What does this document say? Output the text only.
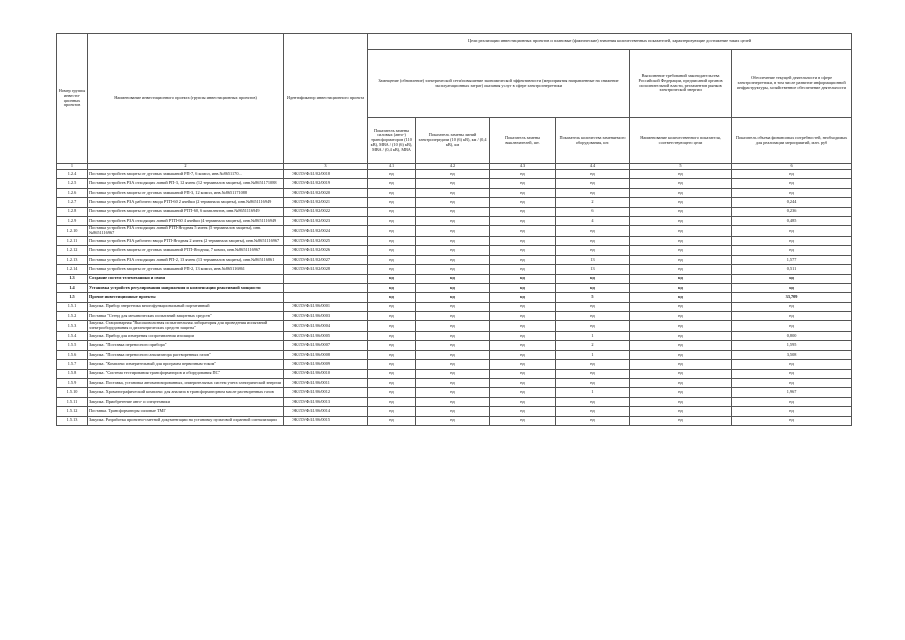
Номер группы инвести-ционных проектов	Наименование инвестиционного проекта (группы инвестиционных проектов)	Идентификатор инвестиционного проекта	Цели реализации инвестиционных проектов и плановые (фактические) значения количественных показателей, характеризующие достижение таких целей					
			Замещение (обновление) электрической сети/повышение экономической эффективности (мероприятия направленные на снижение эксплуатационных затрат) оказания услуг в сфере электроэнергетики				Выполнение требований законодательства Российской Федерации, предписаний органов исполнительной власти, регламентов рынков электрической энергии	Обеспечение текущей деятельности в сфере электроэнергетики, в том числе развитие информационной инфраструктуры, хозяйственное обеспечение деятельности
			Показатель замены силовых (авто-) трансформаторов (110 кВ), МВА / (10 (6) кВ), МВА / (0,4 кВ), МВА	Показатель замены линий электропередачи (10 (6) кВ), км / (0,4 кВ), км	Показатель замены выключателей, шт.	Показатель количества заменяемого оборудования, шт.	Наименование количественного показателя, соответствующего цели	Показатель объема финансовых потребностей, необходимых для реализации мероприятий, млн. руб
1	2	3	4.1	4.2	4.3	4.4	5	6
1.2.4	Поставка устройств защиты от дуговых замыканий РП-7, 6 компл, инв.№8651170...	ЭК/ЛЭ/Ф/41/02/0018	нд	нд	нд	нд	нд	нд
1.2.5	Поставка устройств РЗА отходящих линий РП-3, 12 ячеек (12 терминалов защиты), инв.№8651171088	ЭК/ЛЭ/Ф/41/02/0019	нд	нд	нд	нд	нд	нд
1.2.6	Поставка устройств защиты от дуговых замыканий РП-3, 12 компл, инв.№8651171088	ЭК/ЛЭ/Ф/41/02/0020	нд	нд	нд	нд	нд	нд
1.2.7	Поставка устройств РЗА рабочего ввода РТП-60 2 ячейки (2 терминала защиты), инв.№8651116949	ЭК/ЛЭ/Ф/41/02/0021	нд	нд	нд	2	нд	0,244
1.2.8	Поставка устройств защиты от дуговых замыканий РТП-60, 6 комплектов, инв.№8651116949	ЭК/ЛЭ/Ф/41/02/0022	нд	нд	нд	6	нд	0,236
1.2.9	Поставка устройств РЗА отходящих линий РТП-60 4 ячейки (4 терминала защиты), инв.№8651116949	ЭК/ЛЭ/Ф/41/02/0023	нд	нд	нд	4	нд	0,485
1.2.10	Поставка устройств РЗА отходящих линий РТП-Ягодная 5 ячеек (5 терминалов защиты), инв.№8651116967	ЭК/ЛЭ/Ф/41/02/0024	нд	нд	нд	нд	нд	нд
1.2.11	Поставка устройств РЗА рабочего ввода РТП-Ягодная 2 ячеек (2 терминала защиты), инв.№8651116967	ЭК/ЛЭ/Ф/41/02/0025	нд	нд	нд	нд	нд	нд
1.2.12	Поставка устройств защиты от дуговых замыканий РТП-Ягодная, 7 компл, инв.№8651116967	ЭК/ЛЭ/Ф/41/02/0026	нд	нд	нд	нд	нд	нд
1.2.13	Поставка устройств РЗА отходящих линий РП-2, 13 ячеек (13 терминалов защиты), инв.№865116861	ЭК/ЛЭ/Ф/41/02/0027	нд	нд	нд	13	нд	1,577
1.2.14	Поставка устройств защиты от дуговых замыканий РП-2, 13 компл, инв.№865116861	ЭК/ЛЭ/Ф/41/02/0028	нд	нд	нд	13	нд	0,511
1.3	Создание систем телемеханики и связи		нд	нд	нд	нд	нд	нд
1.4	Установка устройств регулирования напряжения и компенсации реактивной мощности		нд	нд	нд	нд	нд	нд
1.5	Прочие инвестиционные проекты		нд	нд	нд	5	нд	33,709
1.5.1	Закупка. Прибор энергетика многофункциональный портативный	ЭК/ЛЭ/Ф/41/06/0001	нд	нд	нд	нд	нд	нд
1.5.2	Поставка "Стенд для механических испытаний защитных средств"	ЭК/ЛЭ/Ф/41/06/0003	нд	нд	нд	нд	нд	нд
1.5.3	Закупка. Стационарная "Высоковольтная испытательная лаборатория для проведения испытаний электрооборудования и диэлектрических средств защиты"	ЭК/ЛЭ/Ф/41/06/0004	нд	нд	нд	нд	нд	нд
1.5.4	Закупка. Прибор для измерения сопротивления изоляции	ЭК/ЛЭ/Ф/41/06/0005	нд	нд	нд	1	нд	0,800
1.5.5	Закупка. "Поставка переносного прибора"	ЭК/ЛЭ/Ф/41/06/0007	нд	нд	нд	2	нд	1,595
1.5.6	Закупка. "Поставка переносного анализатора растворенных газов"	ЭК/ЛЭ/Ф/41/06/0008	нд	нд	нд	1	нд	3,508
1.5.7	Закупка. "Комплекс измерительный для программ первичным током"	ЭК/ЛЭ/Ф/41/06/0009	нд	нд	нд	нд	нд	нд
1.5.8	Закупка. "Система тестирования трансформаторов и оборудования ПС"	ЭК/ЛЭ/Ф/41/06/0010	нд	нд	нд	нд	нд	нд
1.5.9	Закупка. Поставка, установка автоматизированных, измерительных систем учета электрической энергии	ЭК/ЛЭ/Ф/41/06/0011	нд	нд	нд	нд	нд	нд
1.5.10	Закупка. Хроматографический комплекс для анализа в трансформаторном масле растворенных газов	ЭК/ЛЭ/Ф/41/06/0012	нд	нд	нд	1	нд	1,967
1.5.11	Закупка. Приобретение авто- и спецтехники	ЭК/ЛЭ/Ф/41/06/0013	нд	нд	нд	нд	нд	нд
1.5.12	Поставка. Трансформаторы силовые ТМГ	ЭК/ЛЭ/Ф/41/06/0014	нд	нд	нд	нд	нд	нд
1.5.13	Закупка. Разработка проектно-сметной документации на установку пультовой охранной сигнализации	ЭК/ЛЭ/Ф/41/06/0015	нд	нд	нд	нд	нд	нд
